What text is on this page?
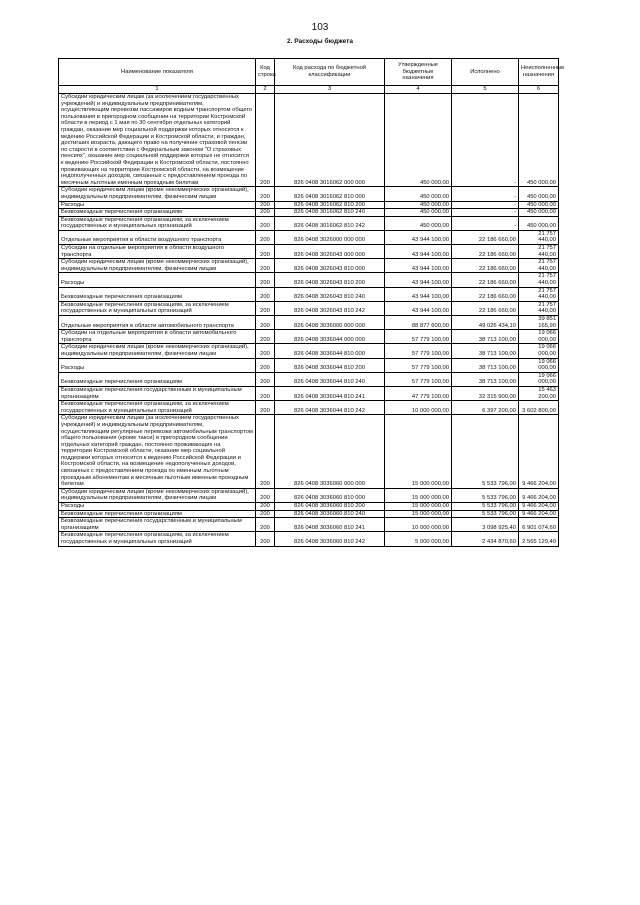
103
2. Расходы бюджета
Наименование показателя	Код строки	Код расхода по бюджетной классификации	Утвержденные бюджетные назначения	Исполнено	Неисполненные назначения
1	2	3	4	5	6
Субсидии юридическим лицам (за исключением государственных учреждений) и индивидуальным предпринимателям, осуществляющим перевозки пассажиров водным транспортом общего пользования в пригородном сообщении на территории Костромской области в период с 1 мая по 30 сентября отдельных категорий граждан, оказание мер социальной поддержки которых относится к ведению Российской Федерации и Костромской области, и граждан, достигших возраста, дающего право на получение страховой пенсии по старости в соответствии с Федеральным законом "О страховых пенсиях", оказание мер социальной поддержки которых не относится к ведению Российской Федерации и Костромской области, постоянно проживающих на территории Костромской области, на возмещение недополученных доходов, связанных с предоставлением проезда по месячным льготным именным проездным билетам	200	826 0408 3016062 000 000	450 000,00	-	450 000,00
Субсидии юридическим лицам (кроме некоммерческих организаций), индивидуальным предпринимателям, физическим лицам	200	826 0408 3016062 810 000	450 000,00	-	450 000,00
Расходы	200	826 0408 3016062 810 200	450 000,00	-	450 000,00
Безвозмездные перечисления организациям	200	826 0408 3016062 810 240	450 000,00	-	450 000,00
Безвозмездные перечисления организациям, за исключением государственных и муниципальных организаций	200	826 0408 3016062 810 242	450 000,00	-	450 000,00
Отдельные мероприятия в области воздушного транспорта	200	826 0408 3026000 000 000	43 944 100,00	22 186 660,00	21 757 440,00
Субсидии на отдельные мероприятия в области воздушного транспорта	200	826 0408 3026043 000 000	43 944 100,00	22 186 660,00	21 757 440,00
Субсидии юридическим лицам (кроме некоммерческих организаций), индивидуальным предпринимателям, физическим лицам	200	826 0408 3026043 810 000	43 944 100,00	22 186 660,00	21 757 440,00
Расходы	200	826 0408 3026043 810 200	43 944 100,00	22 186 660,00	21 757 440,00
Безвозмездные перечисления организациям	200	826 0408 3026043 810 240	43 944 100,00	22 186 660,00	21 757 440,00
Безвозмездные перечисления организациям, за исключением государственных и муниципальных организаций	200	826 0408 3026043 810 242	43 944 100,00	22 186 660,00	21 757 440,00
Отдельные мероприятия в области автомобильного транспорта	200	826 0408 3036000 000 000	88 877 600,00	49 026 434,10	39 851 165,90
Субсидии на отдельные мероприятия в области автомобильного транспорта	200	826 0408 3036044 000 000	57 779 100,00	38 713 100,00	19 066 000,00
Субсидии юридическим лицам (кроме некоммерческих организаций), индивидуальным предпринимателям, физическим лицам	200	826 0408 3036044 810 000	57 779 100,00	38 713 100,00	19 066 000,00
Расходы	200	826 0408 3036044 810 200	57 779 100,00	38 713 100,00	19 066 000,00
Безвозмездные перечисления организациям	200	826 0408 3036044 810 240	57 779 100,00	38 713 100,00	19 066 000,00
Безвозмездные перечисления государственным и муниципальным организациям	200	826 0408 3036044 810 241	47 779 100,00	32 315 900,00	15 463 200,00
Безвозмездные перечисления организациям, за исключением государственных и муниципальных организаций	200	826 0408 3036044 810 242	10 000 000,00	6 397 200,00	3 602 800,00
Субсидии юридическим лицам (за исключением государственных учреждений) и индивидуальным предпринимателям, осуществляющим регулярные перевозки автомобильным транспортом общего пользования (кроме такси) в пригородном сообщении отдельных категорий граждан, постоянно проживающих на территории Костромской области, оказание мер социальной поддержки которых относится к ведению Российской Федерации и Костромской области, на возмещение недополученных доходов, связанных с предоставлением проезда по именным льготным проездным абонементам и месячным льготным именным проездным билетам	200	826 0408 3036060 000 000	15 000 000,00	5 533 796,00	9 466 204,00
Субсидии юридическим лицам (кроме некоммерческих организаций), индивидуальным предпринимателям, физическим лицам	200	826 0408 3036060 810 000	15 000 000,00	5 533 796,00	9 466 204,00
Расходы	200	826 0408 3036060 810 200	15 000 000,00	5 533 796,00	9 466 204,00
Безвозмездные перечисления организациям	200	826 0408 3036060 810 240	15 000 000,00	5 533 796,00	9 466 204,00
Безвозмездные перечисления государственным и муниципальным организациям	200	826 0408 3036060 810 241	10 000 000,00	3 098 925,40	6 901 074,60
Безвозмездные перечисления организациям, за исключением государственных и муниципальных организаций	200	826 0408 3036060 810 242	5 000 000,00	2 434 870,60	2 565 129,40
